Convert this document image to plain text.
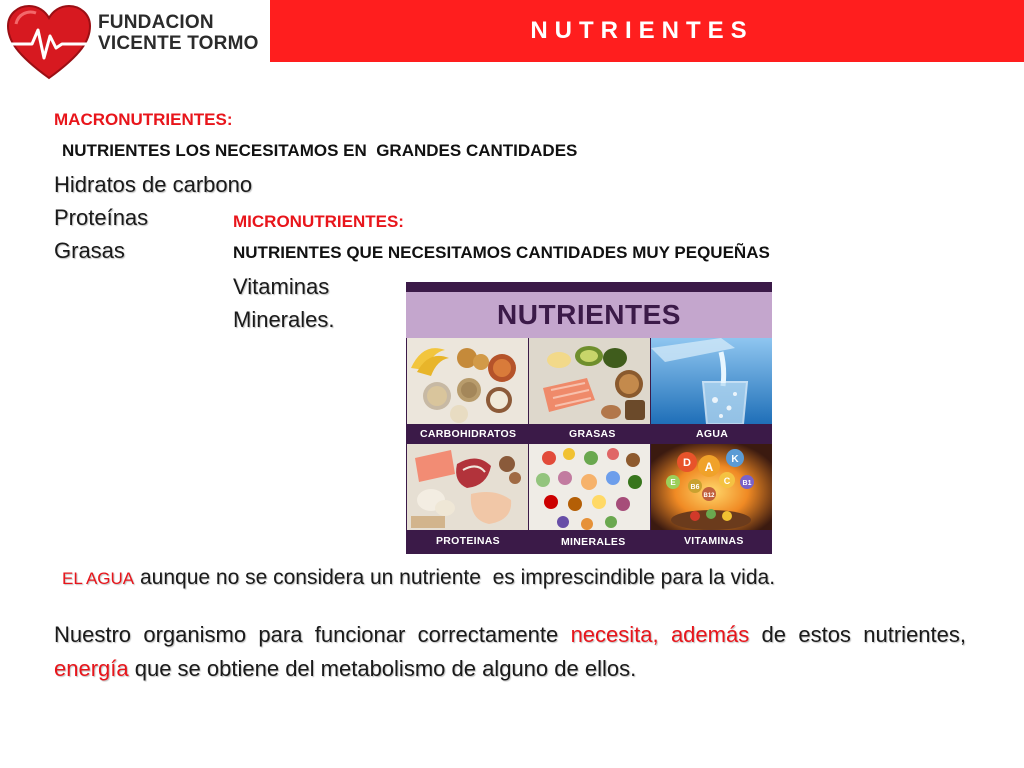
FUNDACION
VICENTE TORMO	NUTRIENTES
MACRONUTRIENTES:
NUTRIENTES LOS NECESITAMOS EN  GRANDES CANTIDADES
Hidratos de carbono
Proteínas
Grasas
MICRONUTRIENTES:
NUTRIENTES QUE NECESITAMOS CANTIDADES MUY PEQUEÑAS
Vitaminas
Minerales.	NUTRIENTES
CARBOHIDRATOS	GRASAS	AGUA
D A
K
C
E
B6
B1
B12
PROTEINAS	MINERALES	VITAMINAS
EL AGUA aunque no se considera un nutriente  es imprescindible para la vida.
Nuestro organismo para funcionar correctamente necesita, además de estos nutrientes, energía que se obtiene del metabolismo de alguno de ellos.
